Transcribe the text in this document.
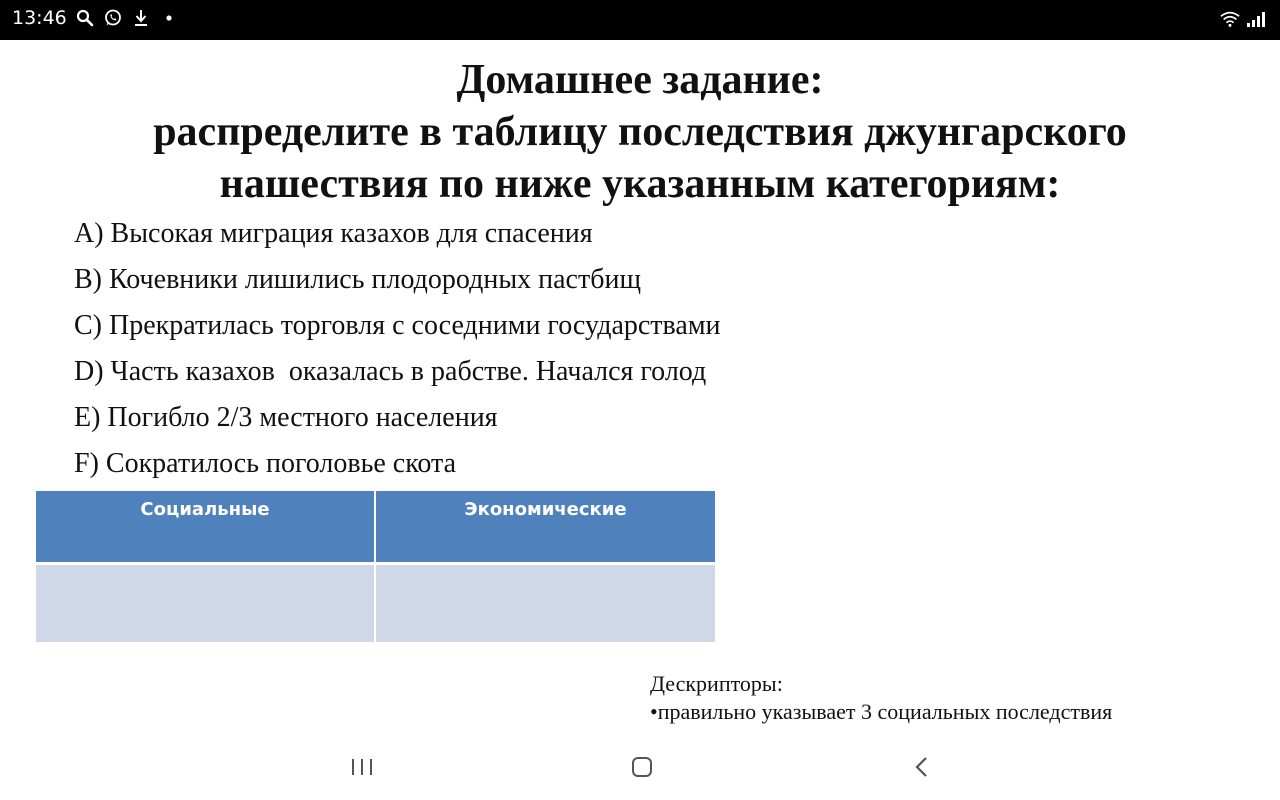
13:46
Домашнее задание:
распределите в таблицу последствия джунгарского
нашествия по ниже указанным категориям:
A) Высокая миграция казахов для спасения
B) Кочевники лишились плодородных пастбищ
C) Прекратилась торговля с соседними государствами
D) Часть казахов  оказалась в рабстве. Начался голод
E) Погибло 2/3 местного населения
F) Сократилось поголовье скота
Социальные	Экономические

Дескрипторы:
•правильно указывает 3 социальных последствия
